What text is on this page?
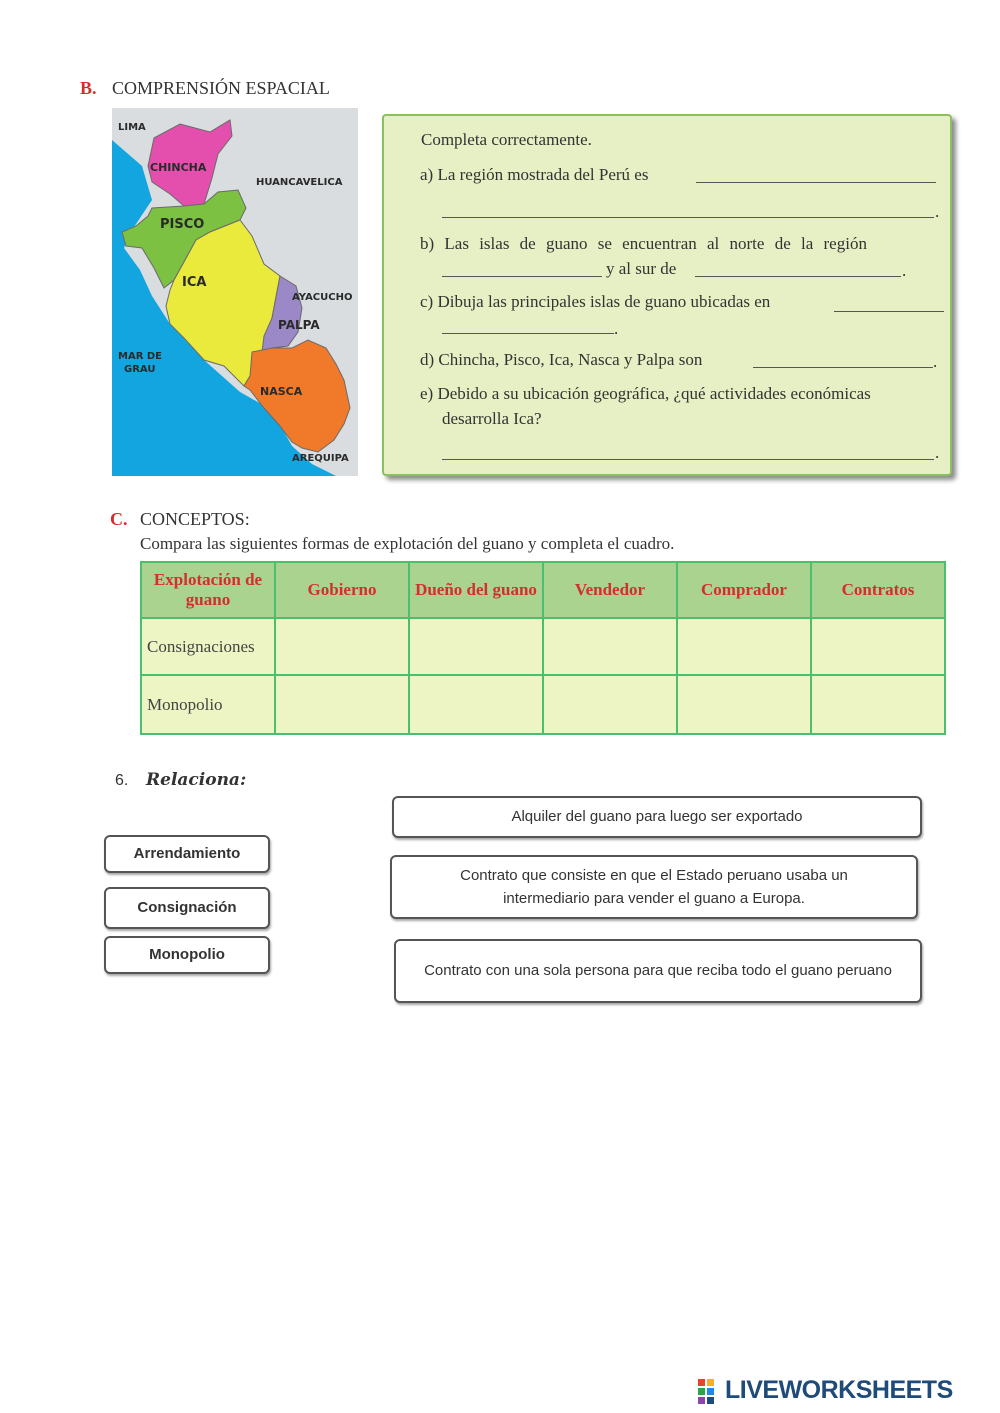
B. COMPRENSIÓN ESPACIAL
LIMA
CHINCHA
HUANCAVELICA
PISCO
ICA
AYACUCHO
PALPA
MAR DE
GRAU
NASCA
AREQUIPA
Completa correctamente.
a) La región mostrada del Perú es
.
b) Las islas de guano se encuentran al norte de la región
y al sur de	.
c) Dibuja las principales islas de guano ubicadas en
.
d) Chincha, Pisco, Ica, Nasca y Palpa son	.
e) Debido a su ubicación geográfica, ¿qué actividades económicas
desarrolla Ica?
.
C. CONCEPTOS:
Compara las siguientes formas de explotación del guano y completa el cuadro.
Explotación de guano	Gobierno	Dueño del guano	Vendedor	Comprador	Contratos
Consignaciones					
Monopolio					
6. Relaciona:
Arrendamiento
Consignación
Monopolio
Alquiler del guano para luego ser exportado
Contrato que consiste en que el Estado peruano usaba un intermediario para vender el guano a Europa.
Contrato con una sola persona para que reciba todo el guano peruano
LIVEWORKSHEETS
